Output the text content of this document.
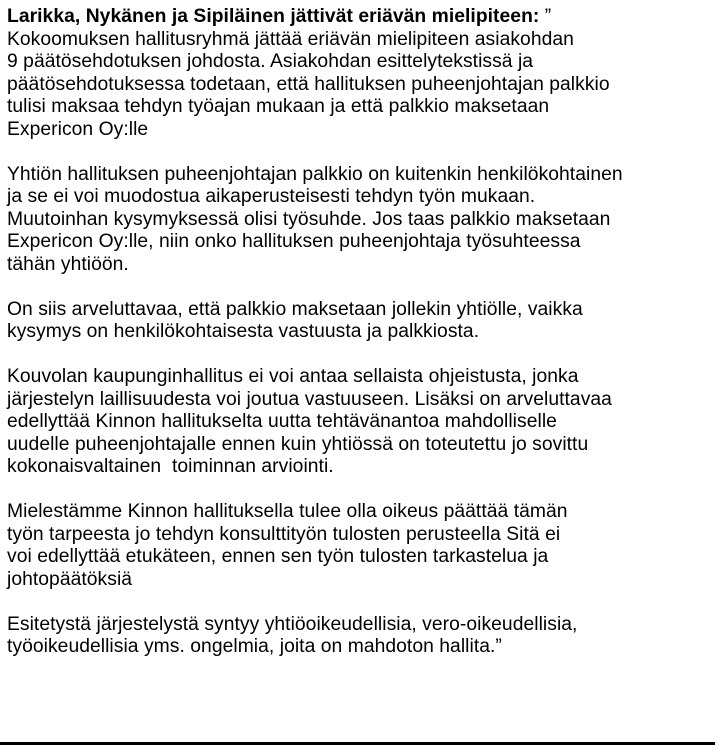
Larikka, Nykänen ja Sipiläinen jättivät eriävän mielipiteen: ”
Kokoomuksen hallitusryhmä jättää eriävän mielipiteen asiakohdan
9 päätösehdotuksen johdosta. Asiakohdan esittelytekstissä ja
päätösehdotuksessa todetaan, että hallituksen puheenjohtajan palkkio
tulisi maksaa tehdyn työajan mukaan ja että palkkio maksetaan
Expericon Oy:lle
Yhtiön hallituksen puheenjohtajan palkkio on kuitenkin henkilökohtainen
ja se ei voi muodostua aikaperusteisesti tehdyn työn mukaan.
Muutoinhan kysymyksessä olisi työsuhde. Jos taas palkkio maksetaan
Expericon Oy:lle, niin onko hallituksen puheenjohtaja työsuhteessa
tähän yhtiöön.
On siis arveluttavaa, että palkkio maksetaan jollekin yhtiölle, vaikka
kysymys on henkilökohtaisesta vastuusta ja palkkiosta.
Kouvolan kaupunginhallitus ei voi antaa sellaista ohjeistusta, jonka
järjestelyn laillisuudesta voi joutua vastuuseen. Lisäksi on arveluttavaa
edellyttää Kinnon hallitukselta uutta tehtävänantoa mahdolliselle
uudelle puheenjohtajalle ennen kuin yhtiössä on toteutettu jo sovittu
kokonaisvaltainen  toiminnan arviointi.
Mielestämme Kinnon hallituksella tulee olla oikeus päättää tämän
työn tarpeesta jo tehdyn konsulttityön tulosten perusteella Sitä ei
voi edellyttää etukäteen, ennen sen työn tulosten tarkastelua ja
johtopäätöksiä
Esitetystä järjestelystä syntyy yhtiöoikeudellisia, vero-oikeudellisia,
työoikeudellisia yms. ongelmia, joita on mahdoton hallita.”
